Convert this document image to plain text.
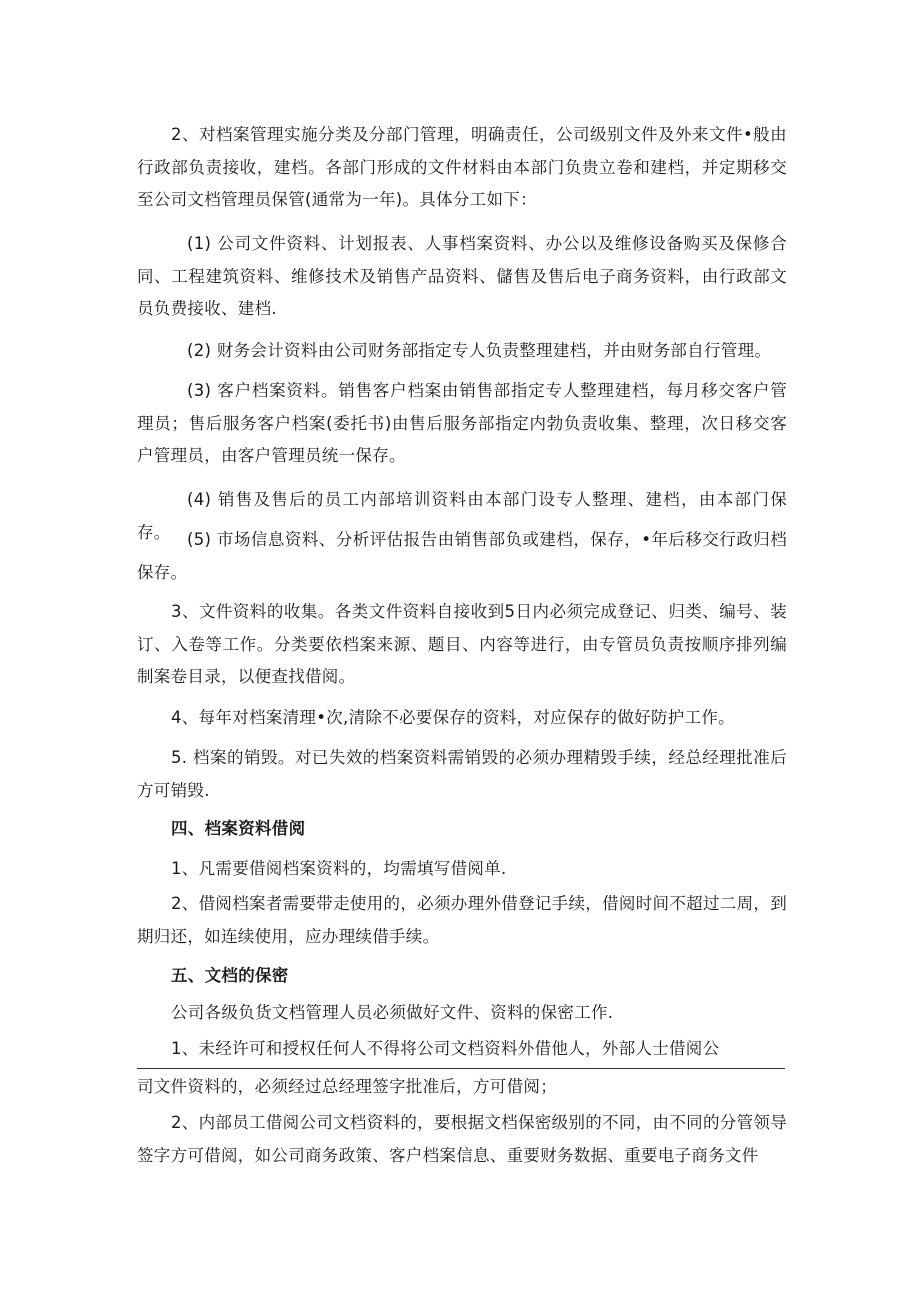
2、对档案管理实施分类及分部门管理，明确责任，公司级别文件及外来文件•般由行政部负责接收，建档。各部门形成的文件材料由本部门负贵立卷和建档，并定期移交至公司文档管理员保管(通常为一年)。具体分工如下：

(1) 公司文件资料、计划报表、人事档案资料、办公以及维修设备购买及保修合同、工程建筑资料、维修技术及销售产品资料、儲售及售后电子商务资料，由行政部文员负费接收、建档.

(2) 财务会计资料由公司财务部指定专人负责整理建档，并由财务部自行管理。

(3) 客户档案资料。销售客户档案由销售部指定专人整理建档，每月移交客户管理员；售后服务客户档案(委托书)由售后服务部指定内勃负责收集、整理，次日移交客户管理员，由客户管理员统一保存。

(4) 销售及售后的员工内部培训资料由本部门设专人整理、建档，由本部门保存。 (5) 市场信息资料、分析评估报告由销售部负或建档，保存，•年后移交行政归档保存。

3、文件资料的收集。各类文件资料自接收到5日内必须完成登记、归类、编号、装订、入卷等工作。分类要依档案来源、题目、内容等进行，由专管员负责按顺序排列编制案卷目录，以便查找借阅。

4、每年对档案清理•次,清除不必要保存的资料，对应保存的做好防护工作。

5. 档案的销毁。对已失效的档案资料需销毁的必须办理精毁手续，经总经理批准后方可销毁.

四、档案资料借阅

1、凡需要借阅档案资料的，均需填写借阅单.

2、借阅档案者需要带走使用的，必须办理外借登记手续，借阅时间不超过二周，到期归还，如连续使用，应办理续借手续。

五、文档的保密

公司各级负货文档管理人员必须做好文件、资料的保密工作.

1、未经许可和授权任何人不得将公司文档资料外借他人，外部人士借阅公

司文件资料的，必须经过总经理签字批准后，方可借阅；

2、内部员工借阅公司文档资料的，要根据文档保密级别的不同，由不同的分管领导签字方可借阅，如公司商务政策、客户档案信息、重要财务数据、重要电子商务文件
